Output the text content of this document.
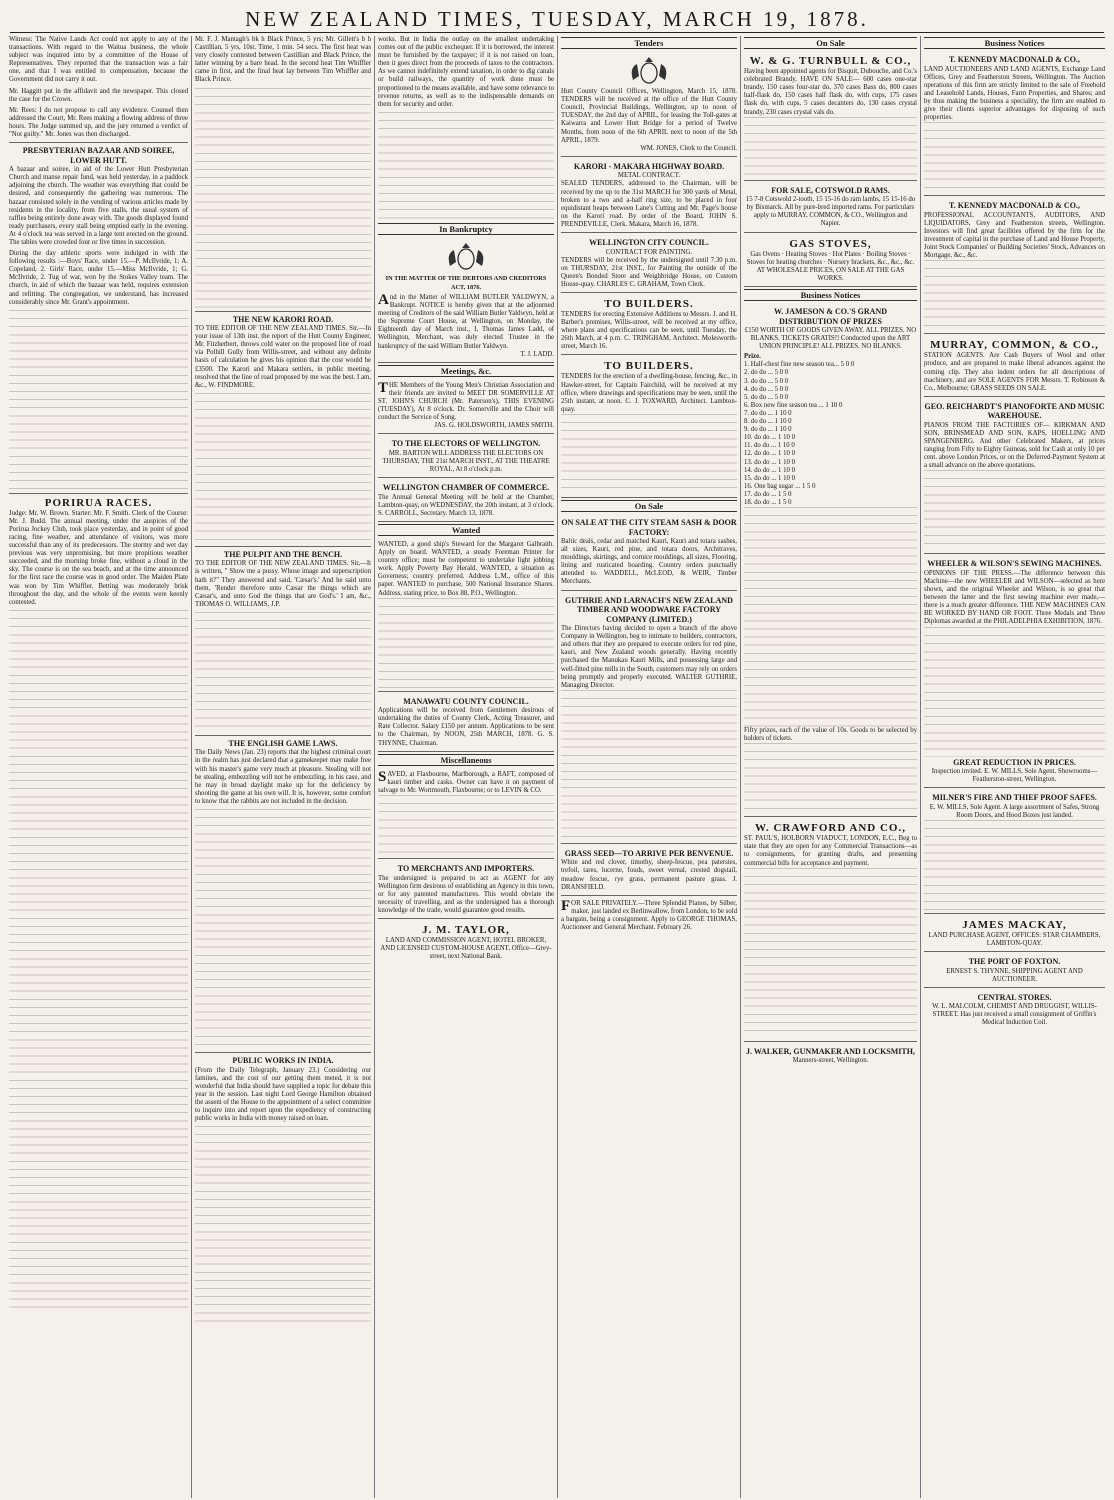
NEW ZEALAND TIMES, TUESDAY, MARCH 19, 1878.

Witness: The Native Lands Act could not apply to any of the transactions. With regard to the Waitua business, the whole subject was inquired into by a committee of the House of Representatives. They reported that the transaction was a fair one, and that I was entitled to compensation, because the Government did not carry it out.

Mr. Haggitt put in the affidavit and the newspaper. This closed the case for the Crown.

Mr. Rees: I do not propose to call any evidence. Counsel then addressed the Court, Mr. Rees making a flowing address of three hours. The Judge summed up, and the jury returned a verdict of "Not guilty." Mr. Jones was then discharged.

PRESBYTERIAN BAZAAR AND SOIREE, LOWER HUTT.

A bazaar and soiree, in aid of the Lower Hutt Presbyterian Church and manse repair fund, was held yesterday, in a paddock adjoining the church. The weather was everything that could be desired, and consequently the gathering was numerous. The bazaar consisted solely in the vending of various articles made by residents in the locality, from five stalls, the usual system of raffles being entirely done away with. The goods displayed found ready purchasers, every stall being emptied early in the evening. At 4 o'clock tea was served in a large tent erected on the ground. The tables were crowded four or five times in succession.

During the day athletic sports were indulged in with the following results :—Boys' Race, under 15.—P. McIlvride, 1; A. Copeland, 2. Girls' Race, under 15.—Miss McIlvride, 1; G. McIlvride, 2. Tug of war, won by the Stokes Valley team. The church, in aid of which the bazaar was held, requires extension and refitting. The congregation, we understand, has increased considerably since Mr. Grant's appointment.

PORIRUA RACES.

Judge: Mr. W. Brown. Starter: Mr. F. Smith. Clerk of the Course: Mr. J. Budd. The annual meeting, under the auspices of the Porirua Jockey Club, took place yesterday, and in point of good racing, fine weather, and attendance of visitors, was more successful than any of its predecessors. The stormy and wet day previous was very unpromising, but more propitious weather succeeded, and the morning broke fine, without a cloud in the sky. The course is on the sea beach, and at the time announced for the first race the course was in good order. The Maiden Plate was won by Tim Whiffler. Betting was moderately brisk throughout the day, and the whole of the events were keenly contested.

Mr. F. J. Mantagh's bk h Black Prince, 5 yrs; Mr. Gillett's b h Castillian, 5 yrs, 10st. Time, 1 min. 54 secs. The first heat was very closely contested between Castillian and Black Prince, the latter winning by a bare head. In the second heat Tim Whiffler came in first, and the final heat lay between Tim Whiffler and Black Prince.

THE NEW KARORI ROAD.

TO THE EDITOR OF THE NEW ZEALAND TIMES. Sir,—In your issue of 13th inst. the report of the Hutt County Engineer, Mr. Fitzherbert, throws cold water on the proposed line of road via Polhill Gully from Willis-street, and without any definite basis of calculation he gives his opinion that the cost would be £3500. The Karori and Makara settlers, in public meeting, resolved that the line of road proposed by me was the best. I am, &c., W. FINDMORE.

THE PULPIT AND THE BENCH.

TO THE EDITOR OF THE NEW ZEALAND TIMES. Sir,—It is written, " Show me a pussy. Whose image and superscription hath it?" They answered and said, 'Cæsar's.' And he said unto them, 'Render therefore unto Cæsar the things which are Cæsar's, and unto God the things that are God's.' I am, &c., THOMAS O. WILLIAMS, J.P.

THE ENGLISH GAME LAWS.

The Daily News (Jan. 23) reports that the highest criminal court in the realm has just declared that a gamekeeper may make free with his master's game very much at pleasure. Stealing will not be stealing, embezzling will not be embezzling, in his case, and he may in broad daylight make up for the deficiency by shooting the game at his own will. It is, however, some comfort to know that the rabbits are not included in the decision.

PUBLIC WORKS IN INDIA.

(From the Daily Telegraph, January 23.) Considering our famines, and the cost of our getting them meted, it is not wonderful that India should have supplied a topic for debate this year in the session. Last night Lord George Hamilton obtained the assent of the House to the appointment of a select committee to inquire into and report upon the expediency of constructing public works in India with money raised on loan.

works. But in India the outlay on the smallest undertaking comes out of the public exchequer. If it is borrowed, the interest must be furnished by the taxpayer; if it is not raised on loan, then it goes direct from the proceeds of taxes to the contractors. As we cannot indefinitely extend taxation, in order to dig canals or build railways, the quantity of work done must be proportioned to the means available, and have some relevance to revenue returns, as well as to the indispensable demands on them for security and order.

In Bankruptcy
IN THE MATTER OF THE DEBTORS AND CREDITORS ACT, 1876.
And in the Matter of WILLIAM BUTLER YALDWYN, a Bankrupt. NOTICE is hereby given that at the adjourned meeting of Creditors of the said William Butler Yaldwyn, held at the Supreme Court House, at Wellington, on Monday, the Eighteenth day of March inst., I, Thomas James Ladd, of Wellington, Merchant, was duly elected Trustee in the bankruptcy of the said William Butler Yaldwyn.
T. J. LADD.
Meetings, &c.
THE Members of the Young Men's Christian Association and their friends are invited to MEET DR SOMERVILLE AT ST. JOHN'S CHURCH (Mr. Paterson's), THIS EVENING (TUESDAY), At 8 o'clock. Dr. Somerville and the Choir will conduct the Service of Song.
JAS. G. HOLDSWORTH, JAMES SMITH.
TO THE ELECTORS OF WELLINGTON.
MR. BARTON WILL ADDRESS THE ELECTORS ON THURSDAY, THE 21st MARCH INST., AT THE THEATRE ROYAL, At 8 o'clock p.m.
WELLINGTON CHAMBER OF COMMERCE.
The Annual General Meeting will be held at the Chamber, Lambton-quay, on WEDNESDAY, the 20th instant, at 3 o'clock. S. CARROLL, Secretary. March 13, 1878.
Wanted
WANTED, a good ship's Steward for the Margaret Galbraith. Apply on board. WANTED, a steady Foreman Printer for country office; must be competent to undertake light jobbing work. Apply Poverty Bay Herald. WANTED, a situation as Governess; country preferred. Address L.M., office of this paper. WANTED to purchase, 500 National Insurance Shares. Address, stating price, to Box 88, P.O., Wellington.
MANAWATU COUNTY COUNCIL.
Applications will be received from Gentlemen desirous of undertaking the duties of County Clerk, Acting Treasurer, and Rate Collector. Salary £150 per annum. Applications to be sent to the Chairman, by NOON, 25th MARCH, 1878. G. S. THYNNE, Chairman.
Miscellaneous
SAVED, at Flaxbourne, Marlborough, a RAFT, composed of kauri timber and casks. Owner can have it on payment of salvage to Mr. Wortmouth, Flaxbourne; or to LEVIN & CO.
TO MERCHANTS AND IMPORTERS.
The undersigned is prepared to act as AGENT for any Wellington firm desirous of establishing an Agency in this town, or for any patented manufactures. This would obviate the necessity of travelling, and as the undersigned has a thorough knowledge of the trade, would guarantee good results.
J. M. TAYLOR,
LAND AND COMMISSION AGENT, HOTEL BROKER, AND LICENSED CUSTOM-HOUSE AGENT, Office—Grey-street, next National Bank.
Tenders
Hutt County Council Offices, Wellington, March 15, 1878. TENDERS will be received at the office of the Hutt County Council, Provincial Buildings, Wellington, up to noon of TUESDAY, the 2nd day of APRIL, for leasing the Toll-gates at Kaiwarra and Lower Hutt Bridge for a period of Twelve Months, from noon of the 6th APRIL next to noon of the 5th APRIL, 1879.
WM. JONES, Clerk to the Council.
KARORI - MAKARA HIGHWAY BOARD.
METAL CONTRACT.
SEALED TENDERS, addressed to the Chairman, will be received by me up to the 31st MARCH for 300 yards of Metal, broken to a two and a-half ring size, to be placed in four equidistant heaps between Lane's Cutting and Mr. Page's house on the Karori road. By order of the Board, JOHN S. PRENDEVILLE, Clerk. Makara, March 16, 1878.
WELLINGTON CITY COUNCIL.
CONTRACT FOR PAINTING.
TENDERS will be received by the undersigned until 7.30 p.m. on THURSDAY, 21st INST., for Painting the outside of the Queen's Bonded Store and Weighbridge House, on Custom House-quay. CHARLES C. GRAHAM, Town Clerk.
TO BUILDERS.
TENDERS for erecting Extensive Additions to Messrs. J. and H. Barber's premises, Willis-street, will be received at my office, where plans and specifications can be seen, until Tuesday, the 26th March, at 4 p.m. C. TRINGHAM, Architect. Molesworth-street, March 16.
TO BUILDERS.
TENDERS for the erection of a dwelling-house, fencing, &c., in Hawker-street, for Captain Fairchild, will be received at my office, where drawings and specifications may be seen, until the 25th instant, at noon. C. J. TOXWARD, Architect. Lambton-quay.
On Sale
ON SALE AT THE CITY STEAM SASH & DOOR FACTORY:
Baltic deals, cedar and matched Kauri, Kauri and totara sashes, all sizes, Kauri, red pine, and totara doors, Architraves, mouldings, skirtings, and cornice mouldings, all sizes, Flooring, lining and rusticated boarding. Country orders punctually attended to. WADDELL, McLEOD, & WEIR, Timber Merchants.
GUTHRIE AND LARNACH'S NEW ZEALAND TIMBER AND WOODWARE FACTORY COMPANY (LIMITED.)
The Directors having decided to open a branch of the above Company in Wellington, beg to intimate to builders, contractors, and others that they are prepared to execute orders for red pine, kauri, and New Zealand woods generally. Having recently purchased the Manukau Kauri Mills, and possessing large and well-fitted pine mills in the South, customers may rely on orders being promptly and properly executed. WALTER GUTHRIE, Managing Director.
GRASS SEED—TO ARRIVE PER BENVENUE.
White and red clover, timothy, sheep-fescue, pea paterstes, trefoil, tares, lucerne, fouds, sweet vernal, crested dogstail, meadow fescue, rye grass, permanent pasture grass. J. DRANSFIELD.
FOR SALE PRIVATELY.—Three Splendid Pianos, by Silber, maker, just landed ex Berlinwallow, from London, to be sold a bargain, being a consignment. Apply to GEORGE THOMAS, Auctioneer and General Merchant. February 26.
On Sale
W. & G. TURNBULL & CO.,
Having been appointed agents for Bisquit, Dubouche, and Co.'s celebrated Brandy, HAVE ON SALE— 600 cases one-star brandy, 150 cases four-star do, 370 cases Bass do, 800 cases half-flask do, 150 cases half flask do, with cups, 175 cases flask do, with cups, 5 cases decanters do, 130 cases crystal brandy, 230 cases crystal vals do.
FOR SALE, COTSWOLD RAMS.
15 7-8 Cotswold 2-tooth, 15 15-16 do ram lambs, 15 15-16 do by Bismarck. All by pure-bred imported rams. For particulars apply to MURRAY, COMMON, & CO., Wellington and Napier.
GAS STOVES,
Gas Ovens · Heating Stoves · Hot Plates · Boiling Stoves · Stoves for heating churches · Nursery brackets, &c., &c., &c. AT WHOLESALE PRICES, ON SALE AT THE GAS WORKS.
Business Notices
W. JAMESON & CO.'S GRAND DISTRIBUTION OF PRIZES
£150 WORTH OF GOODS GIVEN AWAY. ALL PRIZES. NO BLANKS. TICKETS GRATIS!! Conducted upon the ART UNION PRINCIPLE! ALL PRIZES. NO BLANKS.
Prize.
1. Half-chest fine new season tea... 5 0 0
2. do do ... 5 0 0
3. do do ... 5 0 0
4. do do ... 5 0 0
5. do do ... 5 0 0
6. Box new fine season tea ... 1 10 0
7. do do ... 1 10 0
8. do do ... 1 10 0
9. do do ... 1 10 0
10. do do ... 1 10 0
11. do do ... 1 10 0
12. do do ... 1 10 0
13. do do ... 1 10 0
14. do do ... 1 10 0
15. do do ... 1 10 0
16. One bag sugar ... 1 5 0
17. do do ... 1 5 0
18. do do ... 1 5 0
Fifty prizes, each of the value of 10s. Goods to be selected by holders of tickets.
W. CRAWFORD AND CO.,
ST. PAUL'S, HOLBORN VIADUCT, LONDON, E.C., Beg to state that they are open for any Commercial Transactions—as to consignments, for granting drafts, and presenting commercial bills for acceptance and payment.
J. WALKER, GUNMAKER AND LOCKSMITH,
Manners-street, Wellington.
Business Notices
T. KENNEDY MACDONALD & CO.,
LAND AUCTIONEERS AND LAND AGENTS, Exchange Land Offices, Grey and Featherston Streets, Wellington. The Auction operations of this firm are strictly limited to the sale of Freehold and Leasehold Lands, Houses, Farm Properties, and Shares; and by thus making the business a speciality, the firm are enabled to give their clients superior advantages for disposing of such properties.
T. KENNEDY MACDONALD & CO.,
PROFESSIONAL ACCOUNTANTS, AUDITORS, AND LIQUIDATORS, Grey and Featherston streets, Wellington. Investors will find great facilities offered by the firm for the investment of capital in the purchase of Land and House Property, Joint Stock Companies' or Building Societies' Stock, Advances on Mortgage, &c., &c.
MURRAY, COMMON, & CO.,
STATION AGENTS. Are Cash Buyers of Wool and other produce, and are prepared to make liberal advances against the coming clip. They also indent orders for all descriptions of machinery, and are SOLE AGENTS FOR Messrs. T. Robinson & Co., Melbourne; GRASS SEEDS ON SALE.
GEO. REICHARDT'S PIANOFORTE AND MUSIC WAREHOUSE.
PIANOS FROM THE FACTORIES OF— KIRKMAN AND SON, BRINSMEAD AND SON, KAPS, HOELLING AND SPANGENBERG. And other Celebrated Makers, at prices ranging from Fifty to Eighty Guineas, sold for Cash at only 10 per cent. above London Prices, or on the Deferred-Payment System at a small advance on the above quotations.
WHEELER & WILSON'S SEWING MACHINES.
OPINIONS OF THE PRESS.—The difference between this Machine—the new WHEELER and WILSON—selected as here shown, and the original Wheeler and Wilson, is so great that between the latter and the first sewing machine ever made,— there is a much greater difference. THE NEW MACHINES CAN BE WORKED BY HAND OR FOOT. Three Medals and Three Diplomas awarded at the PHILADELPHIA EXHIBITION, 1876.
GREAT REDUCTION IN PRICES.
Inspection invited. E. W. MILLS, Sole Agent. Showrooms—Featherston-street, Wellington.
MILNER'S FIRE AND THIEF PROOF SAFES.
E. W. MILLS, Sole Agent. A large assortment of Safes, Strong Room Doors, and Hood Boxes just landed.
JAMES MACKAY,
LAND PURCHASE AGENT, OFFICES: STAR CHAMBERS, LAMBTON-QUAY.
THE PORT OF FOXTON.
ERNEST S. THYNNE, SHIPPING AGENT AND AUCTIONEER.
CENTRAL STORES.
W. L. MALCOLM, CHEMIST AND DRUGGIST, WILLIS-STREET. Has just received a small consignment of Griffin's Medical Induction Coil.
